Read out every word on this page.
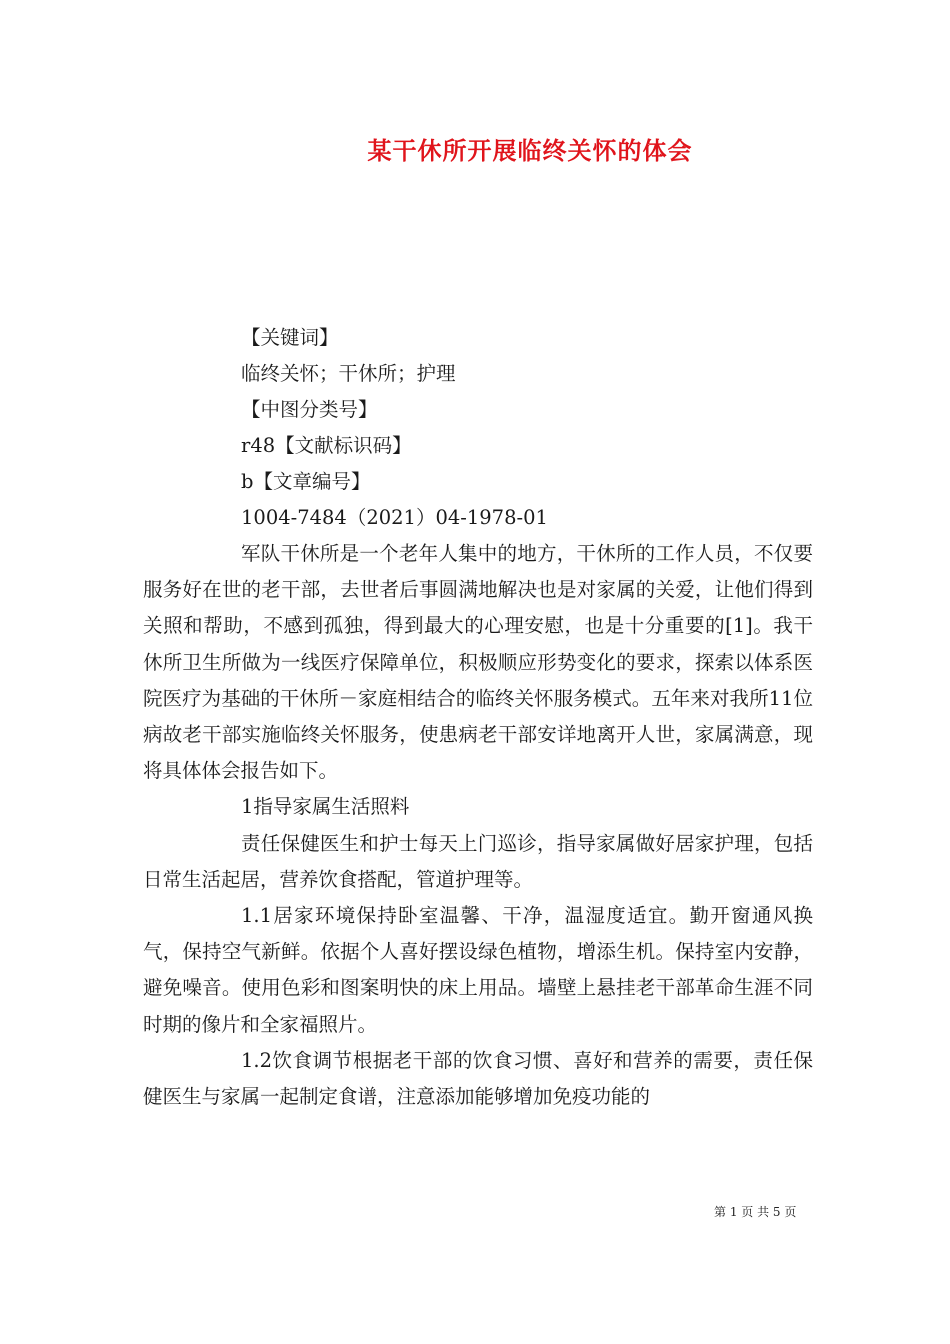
某干休所开展临终关怀的体会
【关键词】
临终关怀；干休所；护理
【中图分类号】
r48【文献标识码】
b【文章编号】
1004-7484（2021）04-1978-01
军队干休所是一个老年人集中的地方，干休所的工作人员，不仅要服务好在世的老干部，去世者后事圆满地解决也是对家属的关爱，让他们得到关照和帮助，不感到孤独，得到最大的心理安慰，也是十分重要的[1]。我干休所卫生所做为一线医疗保障单位，积极顺应形势变化的要求，探索以体系医院医疗为基础的干休所－家庭相结合的临终关怀服务模式。五年来对我所11位病故老干部实施临终关怀服务，使患病老干部安详地离开人世，家属满意，现将具体体会报告如下。
1指导家属生活照料
责任保健医生和护士每天上门巡诊，指导家属做好居家护理，包括日常生活起居，营养饮食搭配，管道护理等。
1.1居家环境保持卧室温馨、干净，温湿度适宜。勤开窗通风换气，保持空气新鲜。依据个人喜好摆设绿色植物，增添生机。保持室内安静，避免噪音。使用色彩和图案明快的床上用品。墙壁上悬挂老干部革命生涯不同时期的像片和全家福照片。
1.2饮食调节根据老干部的饮食习惯、喜好和营养的需要，责任保健医生与家属一起制定食谱，注意添加能够增加免疫功能的
第 1 页 共 5 页
